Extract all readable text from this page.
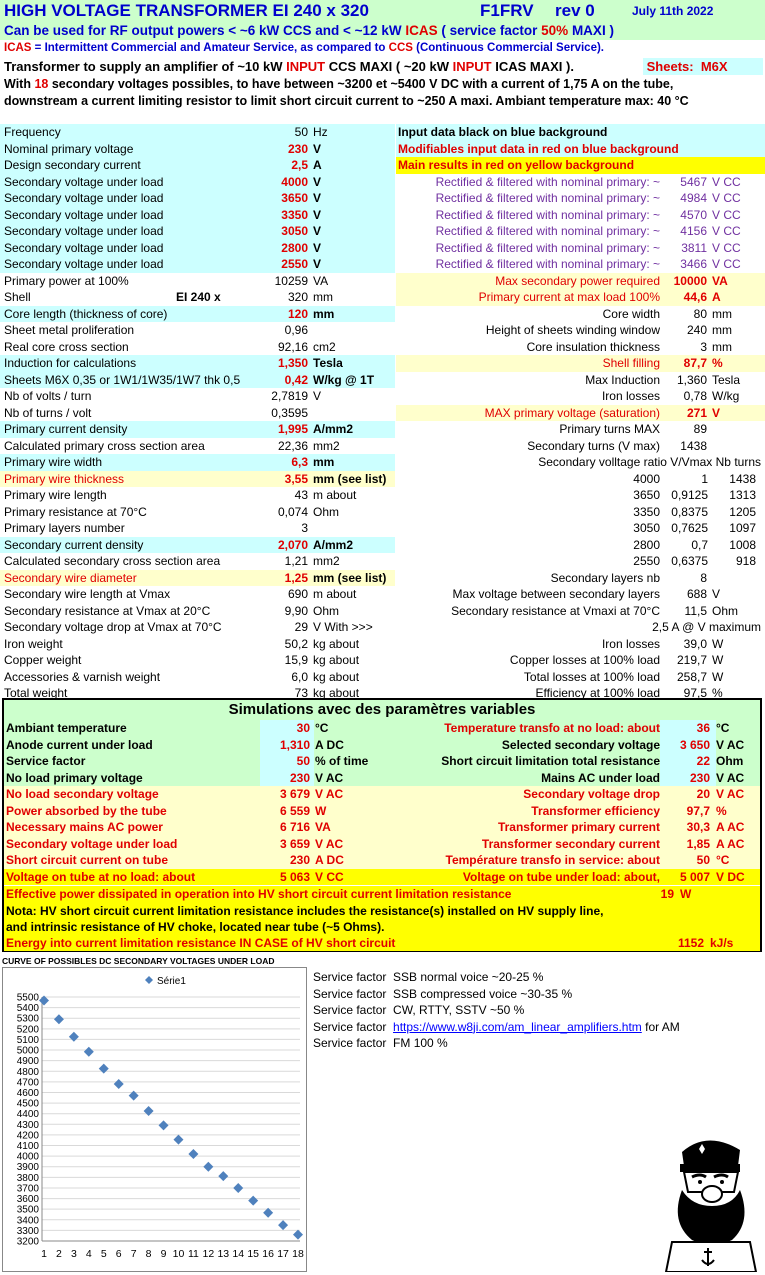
HIGH VOLTAGE TRANSFORMER EI 240 x 320	F1FRV rev 0	July 11th 2022
Can be used for RF output powers < ~6 kW CCS and < ~12 kW ICAS ( service factor 50% MAXI )
ICAS = Intermittent Commercial and Amateur Service, as compared to CCS (Continuous Commercial Service).
Transformer to supply an amplifier of ~10 kW INPUT CCS MAXI ( ~20 kW INPUT ICAS MAXI ).	Sheets: M6X
With 18 secondary voltages possibles, to have between ~3200 et ~5400 V DC with a current of 1,75 A on the tube,
downstream a current limiting resistor to limit short circuit current to ~250 A maxi. Ambiant temperature max: 40 °C
Frequency	50 Hz	Input data black on blue background
Nominal primary voltage	230 V	Modifiables input data in red on blue background
Design secondary current	2,5 A	Main results in red on yellow background
Secondary voltage under load	4000 V	Rectified & filtered with nominal primary: ~	5467 V CC
Secondary voltage under load	3650 V	Rectified & filtered with nominal primary: ~	4984 V CC
Secondary voltage under load	3350 V	Rectified & filtered with nominal primary: ~	4570 V CC
Secondary voltage under load	3050 V	Rectified & filtered with nominal primary: ~	4156 V CC
Secondary voltage under load	2800 V	Rectified & filtered with nominal primary: ~	3811 V CC
Secondary voltage under load	2550 V	Rectified & filtered with nominal primary: ~	3466 V CC
Primary power at 100%	10259 VA	Max secondary power required	10000 VA
Shell	EI 240 x	320 mm	Primary current at max load 100%	44,6 A
Core length (thickness of core)	120 mm	Core width	80 mm
Sheet metal proliferation	0,96	Height of sheets winding window	240 mm
Real core cross section	92,16 cm2	Core insulation thickness	3 mm
Induction for calculations	1,350 Tesla	Shell filling	87,7 %
Sheets M6X 0,35 or 1W1/1W35/1W7 thk 0,5	0,42 W/kg @ 1T	Max Induction	1,360 Tesla
Nb of volts / turn	2,7819 V	Iron losses	0,78 W/kg
Nb of turns / volt	0,3595	MAX primary voltage (saturation)	271 V
Primary current density	1,995 A/mm2	Primary turns MAX	89
Calculated primary cross section area	22,36 mm2	Secondary turns (V max)	1438
Primary wire width	6,3 mm	Secondary volltage ratio V/Vmax Nb turns
Primary wire thickness	3,55 mm (see list)	4000	1	1438
Primary wire length	43 m about	3650 0,9125	1313
Primary resistance at 70°C	0,074 Ohm	3350 0,8375	1205
Primary layers number	3	3050 0,7625	1097
Secondary current density	2,070 A/mm2	2800	0,7	1008
Calculated secondary cross section area	1,21 mm2	2550 0,6375	918
Secondary wire diameter	1,25 mm (see list)	Secondary layers nb	8
Secondary wire length at Vmax	690 m about	Max voltage between secondary layers	688 V
Secondary resistance at Vmax at 20°C	9,90 Ohm	Secondary resistance at Vmaxi at 70°C	11,5 Ohm
Secondary voltage drop at Vmax at 70°C	29 V With >>>	2,5 A @ V maximum
Iron weight	50,2 kg about	Iron losses	39,0 W
Copper weight	15,9 kg about	Copper losses at 100% load	219,7 W
Accessories & varnish weight	6,0 kg about	Total losses at 100% load	258,7 W
Total weight	73 kg about	Efficiency at 100% load	97,5 %
Simulations avec des paramètres variables
Ambiant temperature	30 °C	Temperature transfo at no load: about	36 °C
Anode current under load	1,310 A DC	Selected secondary voltage	3 650 V AC
Service factor	50 % of time	Short circuit limitation total resistance	22 Ohm
No load primary voltage	230 V AC	Mains AC under load	230 V AC
No load secondary voltage	3 679 V AC	Secondary voltage drop	20 V AC
Power absorbed by the tube	6 559 W	Transformer efficiency	97,7 %
Necessary mains AC power	6 716 VA	Transformer primary current	30,3 A AC
Secondary voltage under load	3 659 V AC	Transformer secondary current	1,85 A AC
Short circuit current on tube	230 A DC	Température transfo in service: about	50 °C
Voltage on tube at no load: about	5 063 V CC	Voltage on tube under load: about,	5 007 V DC
Effective power dissipated in operation into HV short circuit current limitation resistance	19 W
Nota: HV short circuit current limitation resistance includes the resistance(s) installed on HV supply line,
and intrinsic resistance of HV choke, located near tube (~5 Ohms).
Energy into current limitation resistance IN CASE of HV short circuit	1152 kJ/s
CURVE OF POSSIBLES DC SECONDARY VOLTAGES UNDER LOAD
5500
5400
5300
5200
5100
5000
4900
4800
4700
4600
4500
4400
4300
4200
4100
4000
3900
3800
3700
3600
3500
3400
3300
3200
1 2 3 4 5 6 7 8 9 10 11 12 13 14 15 16 17 18
Série1	Service factor SSB normal voice ~20-25 %
Service factor SSB compressed voice ~30-35 %
Service factor CW, RTTY, SSTV ~50 %
Service factor https://www.w8ji.com/am_linear_amplifiers.htm for AM
Service factor FM 100 %
